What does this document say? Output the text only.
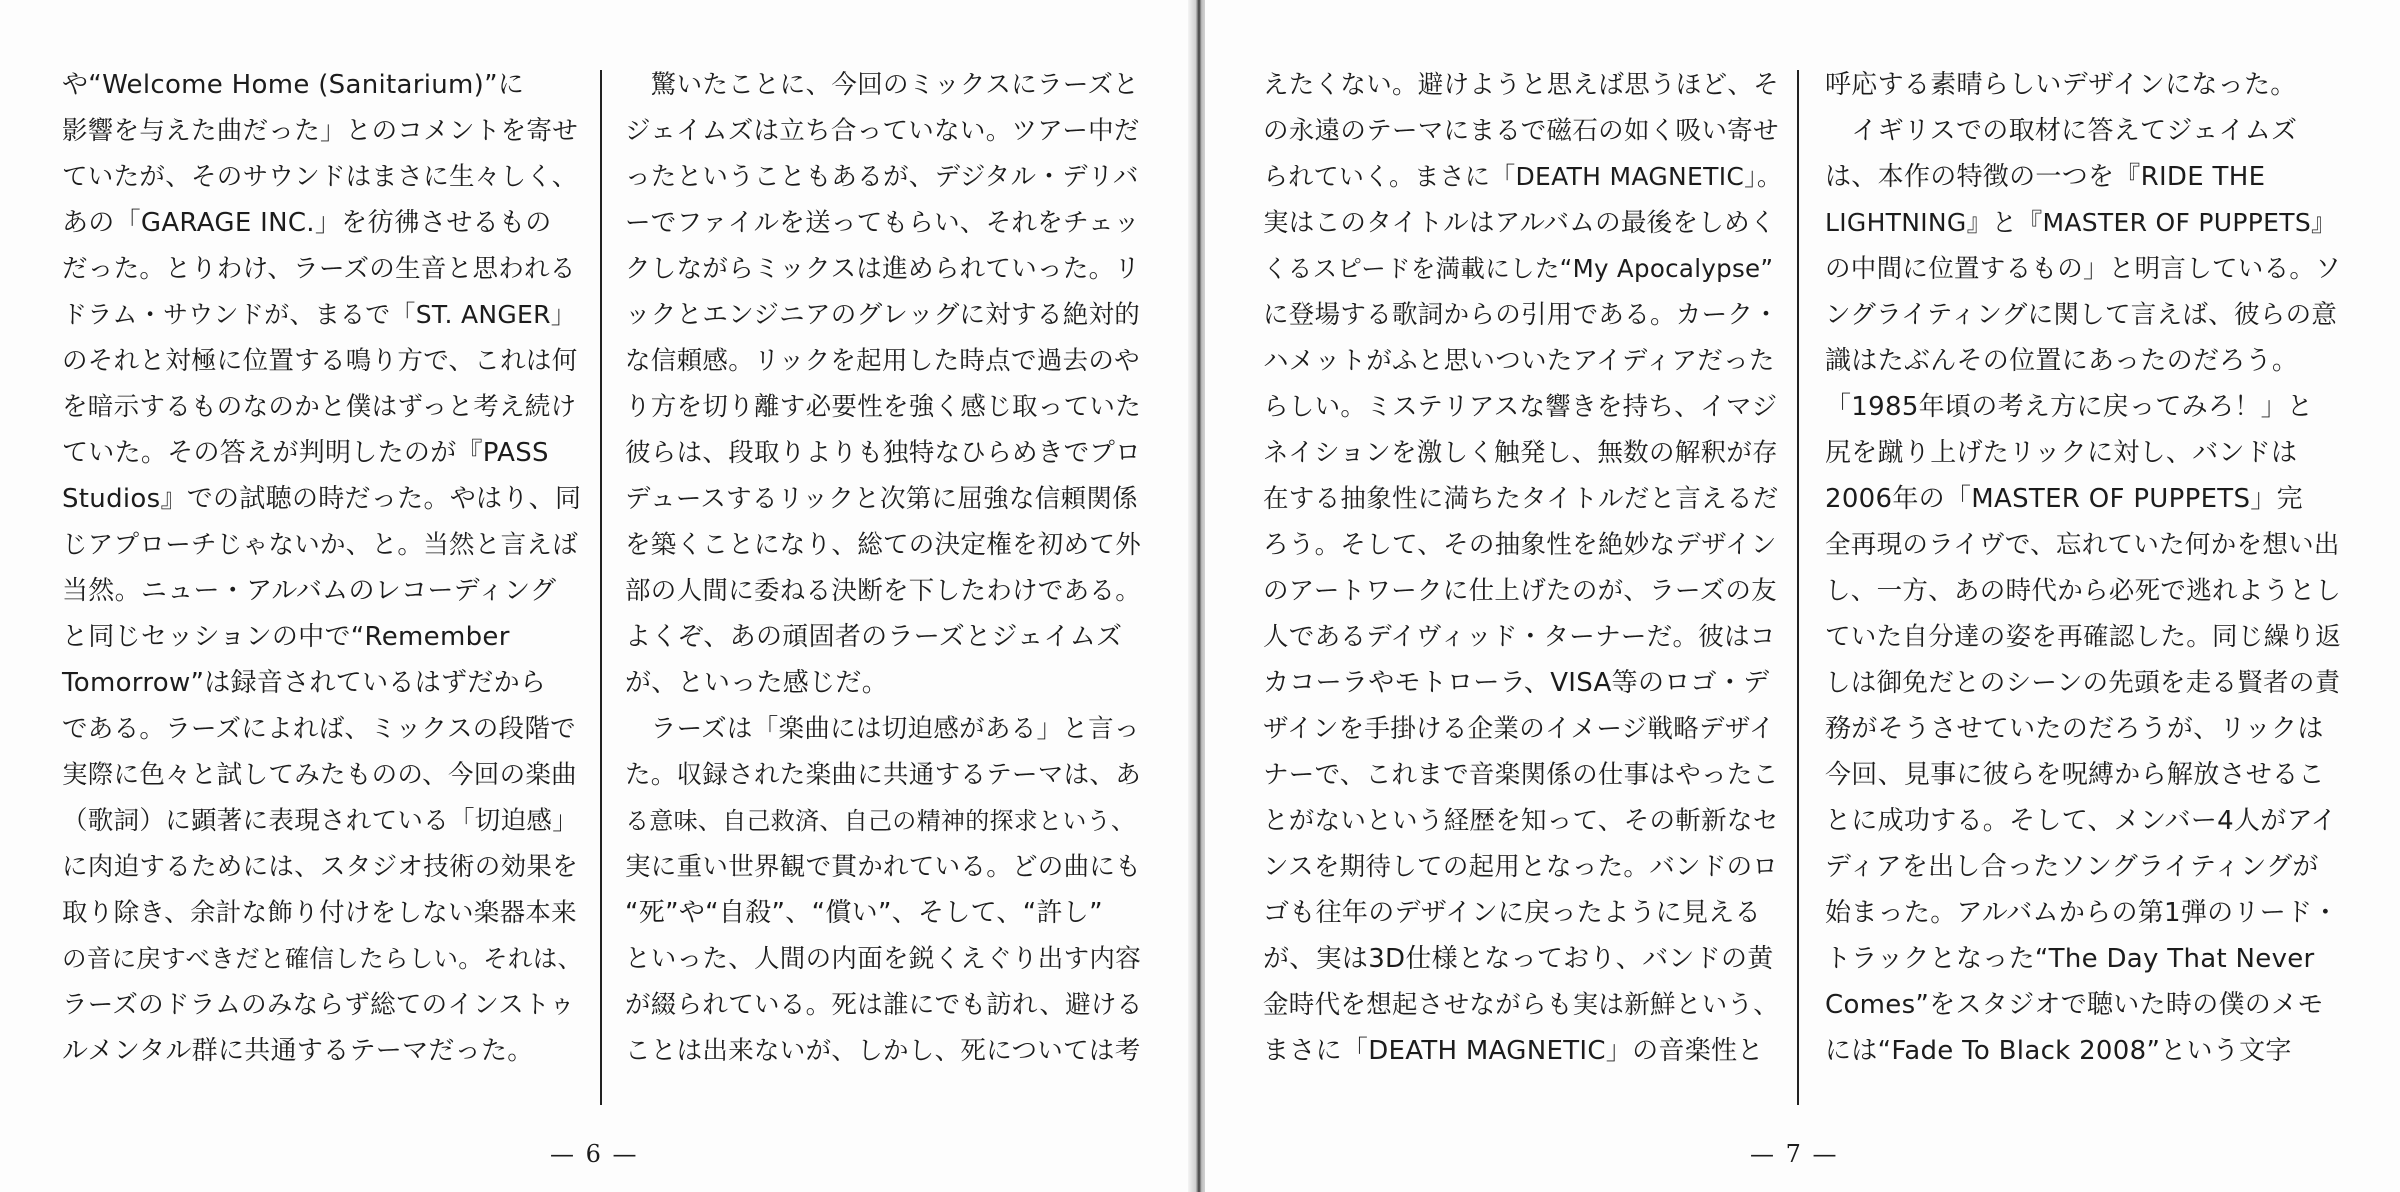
や“Welcome Home (Sanitarium)”に
影響を与えた曲だった」とのコメントを寄せ
ていたが、そのサウンドはまさに生々しく、
あの「GARAGE INC.」を彷彿させるもの
だった。とりわけ、ラーズの生音と思われる
ドラム・サウンドが、まるで「ST. ANGER」
のそれと対極に位置する鳴り方で、これは何
を暗示するものなのかと僕はずっと考え続け
ていた。その答えが判明したのが『PASS
Studios』での試聴の時だった。やはり、同
じアプローチじゃないか、と。当然と言えば
当然。ニュー・アルバムのレコーディング
と同じセッションの中で“Remember
Tomorrow”は録音されているはずだから
である。ラーズによれば、ミックスの段階で
実際に色々と試してみたものの、今回の楽曲
（歌詞）に顕著に表現されている「切迫感」
に肉迫するためには、スタジオ技術の効果を
取り除き、余計な飾り付けをしない楽器本来
の音に戻すべきだと確信したらしい。それは、
ラーズのドラムのみならず総てのインストゥ
ルメンタル群に共通するテーマだった。
　驚いたことに、今回のミックスにラーズと
ジェイムズは立ち合っていない。ツアー中だ
ったということもあるが、デジタル・デリバ
ーでファイルを送ってもらい、それをチェッ
クしながらミックスは進められていった。リ
ックとエンジニアのグレッグに対する絶対的
な信頼感。リックを起用した時点で過去のや
り方を切り離す必要性を強く感じ取っていた
彼らは、段取りよりも独特なひらめきでプロ
デュースするリックと次第に屈強な信頼関係
を築くことになり、総ての決定権を初めて外
部の人間に委ねる決断を下したわけである。
よくぞ、あの頑固者のラーズとジェイムズ
が、といった感じだ。
　ラーズは「楽曲には切迫感がある」と言っ
た。収録された楽曲に共通するテーマは、あ
る意味、自己救済、自己の精神的探求という、
実に重い世界観で貫かれている。どの曲にも
“死”や“自殺”、“償い”、そして、“許し”
といった、人間の内面を鋭くえぐり出す内容
が綴られている。死は誰にでも訪れ、避ける
ことは出来ないが、しかし、死については考
— 6 —
えたくない。避けようと思えば思うほど、そ
の永遠のテーマにまるで磁石の如く吸い寄せ
られていく。まさに「DEATH MAGNETIC」。
実はこのタイトルはアルバムの最後をしめく
くるスピードを満載にした“My Apocalypse”
に登場する歌詞からの引用である。カーク・
ハメットがふと思いついたアイディアだった
らしい。ミステリアスな響きを持ち、イマジ
ネイションを激しく触発し、無数の解釈が存
在する抽象性に満ちたタイトルだと言えるだ
ろう。そして、その抽象性を絶妙なデザイン
のアートワークに仕上げたのが、ラーズの友
人であるデイヴィッド・ターナーだ。彼はコ
カコーラやモトローラ、VISA等のロゴ・デ
ザインを手掛ける企業のイメージ戦略デザイ
ナーで、これまで音楽関係の仕事はやったこ
とがないという経歴を知って、その斬新なセ
ンスを期待しての起用となった。バンドのロ
ゴも往年のデザインに戻ったように見える
が、実は3D仕様となっており、バンドの黄
金時代を想起させながらも実は新鮮という、
まさに「DEATH MAGNETIC」の音楽性と
呼応する素晴らしいデザインになった。
　イギリスでの取材に答えてジェイムズ
は、本作の特徴の一つを『RIDE THE
LIGHTNING』と『MASTER OF PUPPETS』
の中間に位置するもの」と明言している。ソ
ングライティングに関して言えば、彼らの意
識はたぶんその位置にあったのだろう。
「1985年頃の考え方に戻ってみろ！」と
尻を蹴り上げたリックに対し、バンドは
2006年の「MASTER OF PUPPETS」完
全再現のライヴで、忘れていた何かを想い出
し、一方、あの時代から必死で逃れようとし
ていた自分達の姿を再確認した。同じ繰り返
しは御免だとのシーンの先頭を走る賢者の責
務がそうさせていたのだろうが、リックは
今回、見事に彼らを呪縛から解放させるこ
とに成功する。そして、メンバー4人がアイ
ディアを出し合ったソングライティングが
始まった。アルバムからの第1弾のリード・
トラックとなった“The Day That Never
Comes”をスタジオで聴いた時の僕のメモ
には“Fade To Black 2008”という文字
— 7 —
